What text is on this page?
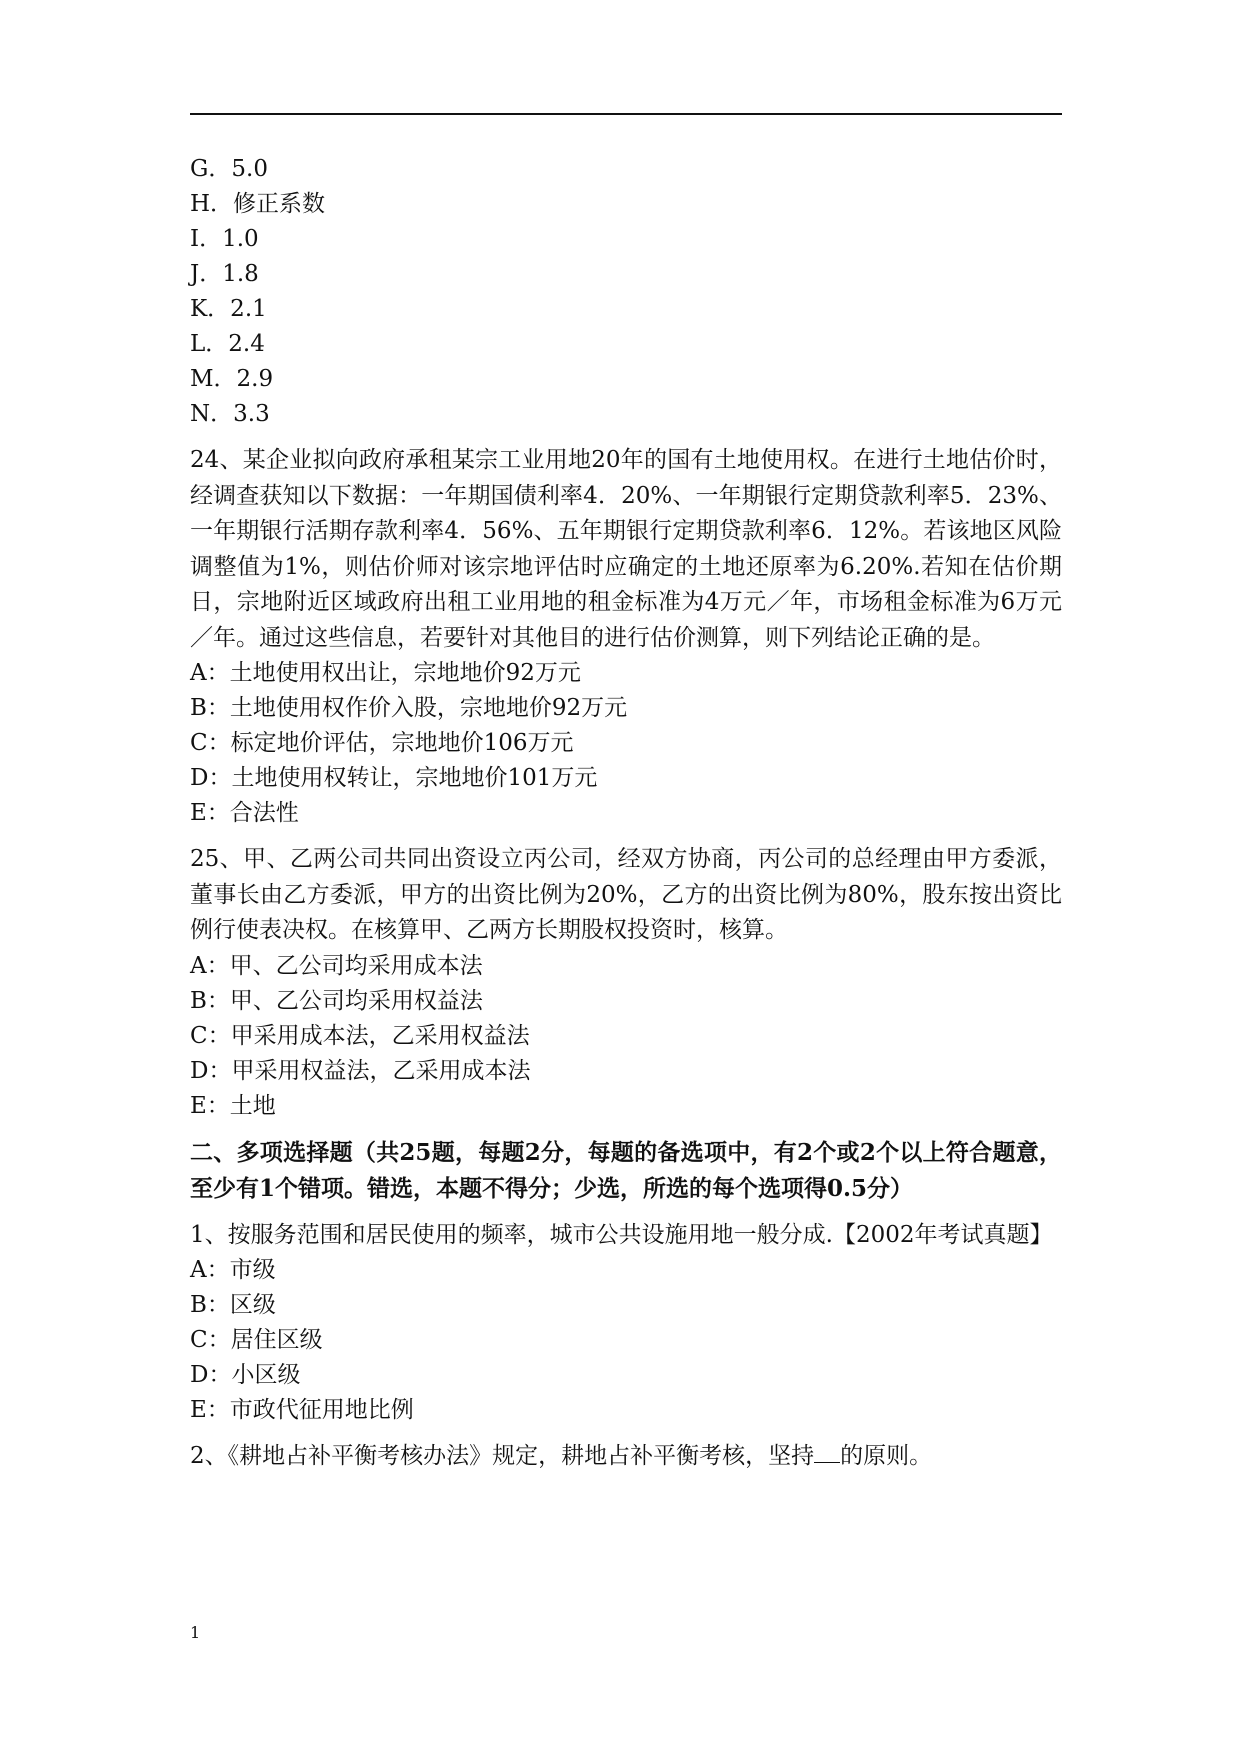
G．5.0
H．修正系数
I．1.0
J．1.8
K．2.1
L．2.4
M．2.9
N．3.3
24、某企业拟向政府承租某宗工业用地20年的国有土地使用权。在进行土地估价时，经调查获知以下数据：一年期国债利率4．20%、一年期银行定期贷款利率5．23%、一年期银行活期存款利率4．56%、五年期银行定期贷款利率6．12%。若该地区风险调整值为1%，则估价师对该宗地评估时应确定的土地还原率为6.20%.若知在估价期日，宗地附近区域政府出租工业用地的租金标准为4万元／年，市场租金标准为6万元／年。通过这些信息，若要针对其他目的进行估价测算，则下列结论正确的是。
A：土地使用权出让，宗地地价92万元
B：土地使用权作价入股，宗地地价92万元
C：标定地价评估，宗地地价106万元
D：土地使用权转让，宗地地价101万元
E：合法性
25、甲、乙两公司共同出资设立丙公司，经双方协商，丙公司的总经理由甲方委派，董事长由乙方委派，甲方的出资比例为20%，乙方的出资比例为80%，股东按出资比例行使表决权。在核算甲、乙两方长期股权投资时，核算。
A：甲、乙公司均采用成本法
B：甲、乙公司均采用权益法
C：甲采用成本法，乙采用权益法
D：甲采用权益法，乙采用成本法
E：土地
二、多项选择题（共25题，每题2分，每题的备选项中，有2个或2个以上符合题意，至少有1个错项。错选，本题不得分；少选，所选的每个选项得0.5分）
1、按服务范围和居民使用的频率，城市公共设施用地一般分成.【2002年考试真题】
A：市级
B：区级
C：居住区级
D：小区级
E：市政代征用地比例
2、《耕地占补平衡考核办法》规定，耕地占补平衡考核，坚持 的原则。
1
